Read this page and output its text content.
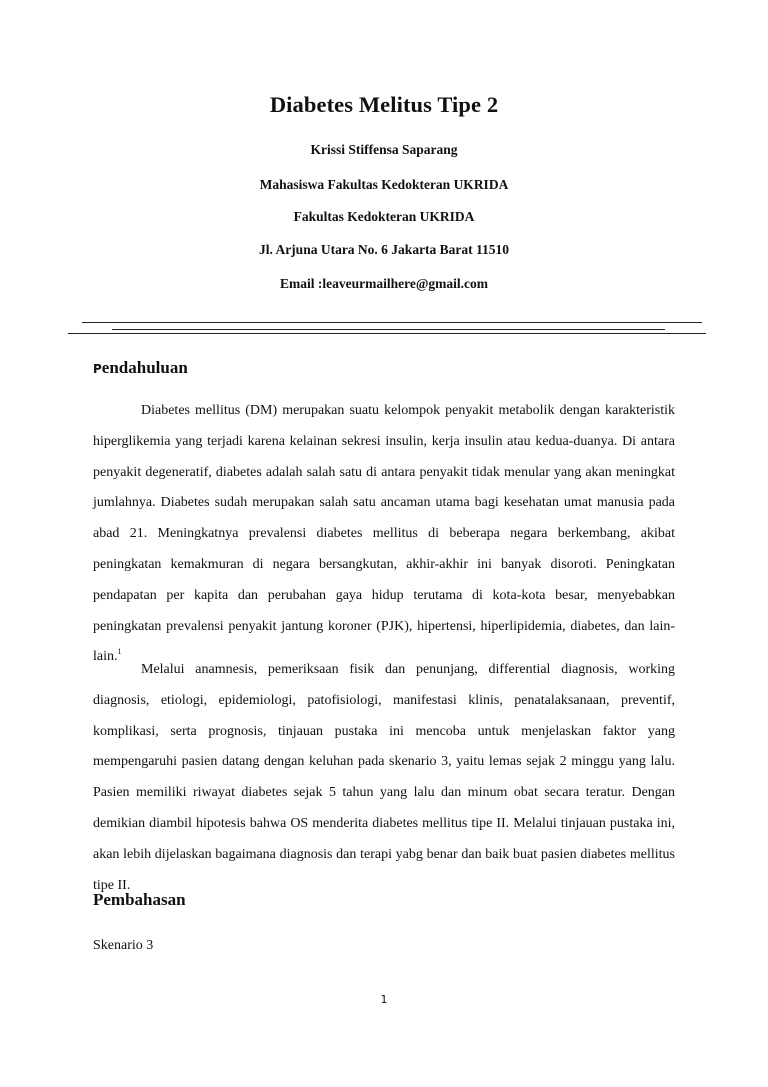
Diabetes Melitus Tipe 2
Krissi Stiffensa Saparang
Mahasiswa Fakultas Kedokteran UKRIDA
Fakultas Kedokteran UKRIDA
Jl. Arjuna Utara No. 6 Jakarta Barat 11510
Email :leaveurmailhere@gmail.com
Pendahuluan

Diabetes mellitus (DM) merupakan suatu kelompok penyakit metabolik dengan karakteristik hiperglikemia yang terjadi karena kelainan sekresi insulin, kerja insulin atau kedua-duanya. Di antara penyakit degeneratif, diabetes adalah salah satu di antara penyakit tidak menular yang akan meningkat jumlahnya. Diabetes sudah merupakan salah satu ancaman utama bagi kesehatan umat manusia pada abad 21. Meningkatnya prevalensi diabetes mellitus di beberapa negara berkembang, akibat peningkatan kemakmuran di negara bersangkutan, akhir-akhir ini banyak disoroti. Peningkatan pendapatan per kapita dan perubahan gaya hidup terutama di kota-kota besar, menyebabkan peningkatan prevalensi penyakit jantung koroner (PJK), hipertensi, hiperlipidemia, diabetes, dan lain-lain.$^1$

Melalui anamnesis, pemeriksaan fisik dan penunjang, differential diagnosis, working diagnosis, etiologi, epidemiologi, patofisiologi, manifestasi klinis, penatalaksanaan, preventif, komplikasi, serta prognosis, tinjauan pustaka ini mencoba untuk menjelaskan faktor yang mempengaruhi pasien datang dengan keluhan pada skenario 3, yaitu lemas sejak 2 minggu yang lalu. Pasien memiliki riwayat diabetes sejak 5 tahun yang lalu dan minum obat secara teratur. Dengan demikian diambil hipotesis bahwa OS menderita diabetes mellitus tipe II. Melalui tinjauan pustaka ini, akan lebih dijelaskan bagaimana diagnosis dan terapi yabg benar dan baik buat pasien diabetes mellitus tipe II.

Pembahasan
Skenario 3
1
